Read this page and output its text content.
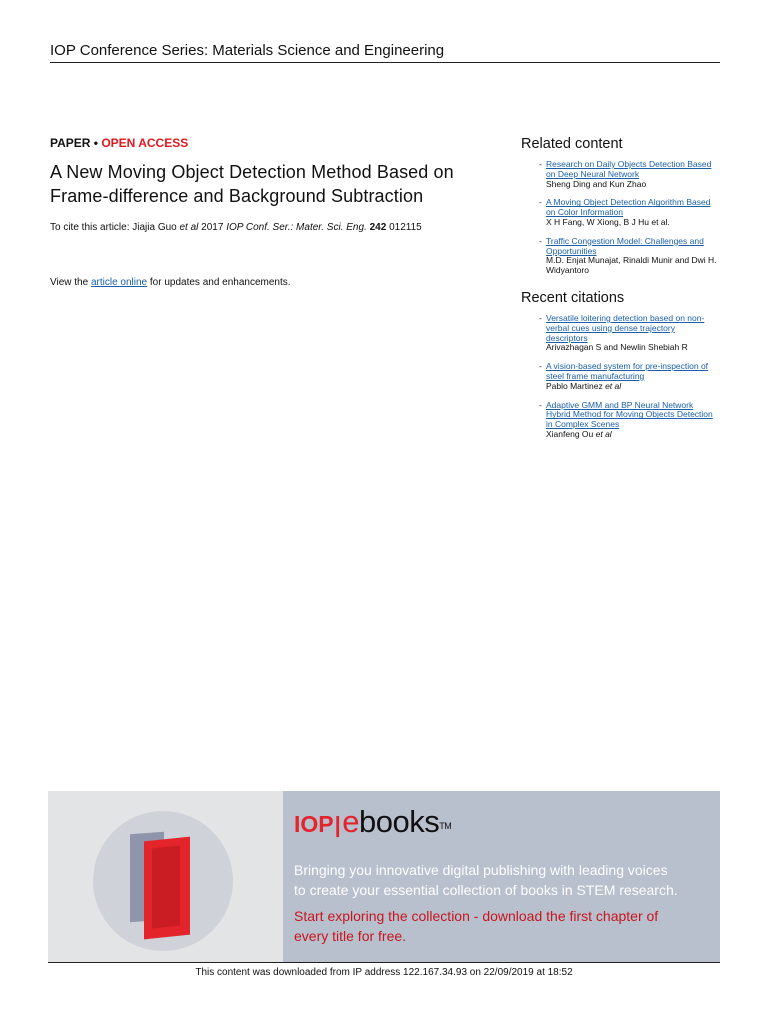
IOP Conference Series: Materials Science and Engineering
PAPER • OPEN ACCESS
A New Moving Object Detection Method Based on
Frame-difference and Background Subtraction
To cite this article: Jiajia Guo et al 2017 IOP Conf. Ser.: Mater. Sci. Eng. 242 012115
View the article online for updates and enhancements.
Related content
- Research on Daily Objects Detection Based on Deep Neural Network
Sheng Ding and Kun Zhao
- A Moving Object Detection Algorithm Based on Color Information
X H Fang, W Xiong, B J Hu et al.
- Traffic Congestion Model: Challenges and Opportunities
M.D. Enjat Munajat, Rinaldi Munir and Dwi H. Widyantoro
Recent citations
- Versatile loitering detection based on non-verbal cues using dense trajectory descriptors
Arivazhagan S and Newlin Shebiah R
- A vision-based system for pre-inspection of steel frame manufacturing
Pablo Martinez et al
- Adaptive GMM and BP Neural Network Hybrid Method for Moving Objects Detection in Complex Scenes
Xianfeng Ou et al
IOP|ebooks™
Bringing you innovative digital publishing with leading voices
to create your essential collection of books in STEM research.
Start exploring the collection - download the first chapter of
every title for free.
This content was downloaded from IP address 122.167.34.93 on 22/09/2019 at 18:52
